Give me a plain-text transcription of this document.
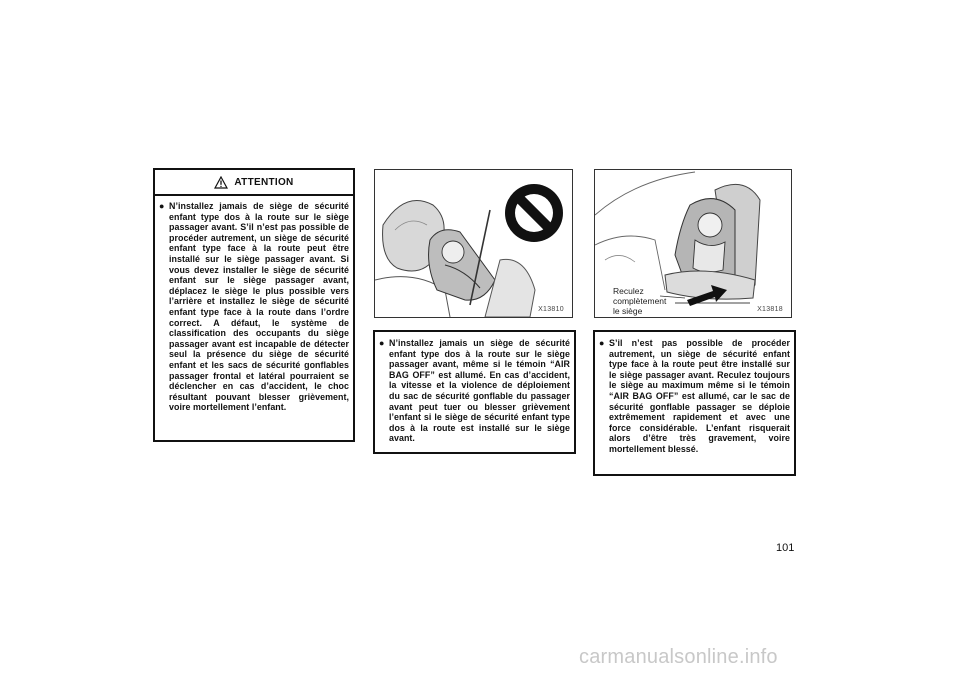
ATTENTION
● N’installez jamais de siège de sécurité enfant type dos à la route sur le siège passager avant. S’il n’est pas possible de procéder autrement, un siège de sécurité enfant type face à la route peut être installé sur le siège passager avant. Si vous devez installer le siège de sécurité enfant sur le siège passager avant, déplacez le siège le plus possible vers l’arrière et installez le siège de sécurité enfant type face à la route dans l’ordre correct. A défaut, le système de classification des occupants du siège passager avant est incapable de détecter seul la présence du siège de sécurité enfant et les sacs de sécurité gonflables passager frontal et latéral pourraient se déclencher en cas d’accident, le choc résultant pouvant blesser grièvement, voire mortellement l’enfant.
X13810
Reculez
complètement
le siège	X13818
● N’installez jamais un siège de sécurité enfant type dos à la route sur le siège passager avant, même si le témoin “AIR BAG OFF” est allumé. En cas d’accident, la vitesse et la violence de déploiement du sac de sécurité gonflable du passager avant peut tuer ou blesser grièvement l’enfant si le siège de sécurité enfant type dos à la route est installé sur le siège avant.
● S’il n’est pas possible de procéder autrement, un siège de sécurité enfant type face à la route peut être installé sur le siège passager avant. Reculez toujours le siège au maximum même si le témoin “AIR BAG OFF” est allumé, car le sac de sécurité gonflable passager se déploie extrêmement rapidement et avec une force considérable. L’enfant risquerait alors d’être très gravement, voire mortellement blessé.
101
carmanualsonline.info
